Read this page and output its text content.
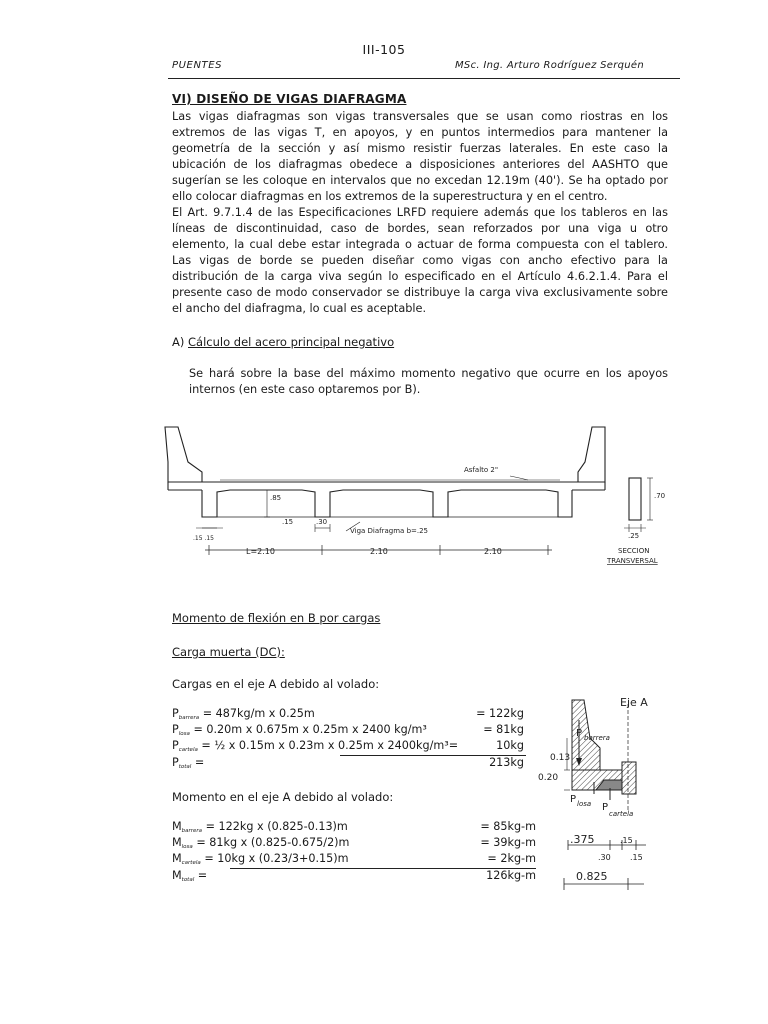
III-105
PUENTES	MSc. Ing. Arturo Rodríguez Serquén
VI) DISEÑO DE VIGAS DIAFRAGMA

Las vigas diafragmas son vigas transversales que se usan como riostras en los extremos de las vigas T, en apoyos, y en puntos intermedios para mantener la geometría de la sección y así mismo resistir fuerzas laterales. En este caso la ubicación de los diafragmas obedece a disposiciones anteriores del AASHTO que sugerían se les coloque en intervalos que no excedan 12.19m (40'). Se ha optado por ello colocar diafragmas en los extremos de la superestructura y en el centro.

El Art. 9.7.1.4 de las Especificaciones LRFD requiere además que los tableros en las líneas de discontinuidad, caso de bordes, sean reforzados por una viga u otro elemento, la cual debe estar integrada o actuar de forma compuesta con el tablero. Las vigas de borde se pueden diseñar como vigas con ancho efectivo para la distribución de la carga viva según lo especificado en el Artículo 4.6.2.1.4. Para el presente caso de modo conservador se distribuye la carga viva exclusivamente sobre el ancho del diafragma, lo cual es aceptable.

A) Cálculo del acero principal negativo
Se hará sobre la base del máximo momento negativo que ocurre en los apoyos internos (en este caso optaremos por B).
Asfalto 2"
.85
.15	.30
.15 .15
Viga Diafragma b=.25
L=2.10	2.10	2.10
.70
.25
SECCION
TRANSVERSAL
Momento de flexión en B por cargas
Carga muerta (DC):
Cargas en el eje A debido al volado:
$P_{barrera} = 487kg/m$ x 0.25m	= 122kg
$P_{losa} = 0.20m$ x 0.675m x 0.25m x 2400 kg/m³	= 81kg
$P_{cartela}$ = ½ x 0.15m x 0.23m x 0.25m x 2400kg/m³=	10kg
$P_{total}$ =	213kg
Momento en el eje A debido al volado:
$M_{barrera} = 122kg$ x (0.825-0.13)m	= 85kg-m
$M_{losa} = 81kg$ x (0.825-0.675/2)m	= 39kg-m
$M_{cartela} = 10kg$ x (0.23/3+0.15)m	= 2kg-m
$M_{total}$ =	126kg-m
Eje A
P barrera
0.13
0.20
P losa P
cartela
.375	.15
.30 .15
0.825
